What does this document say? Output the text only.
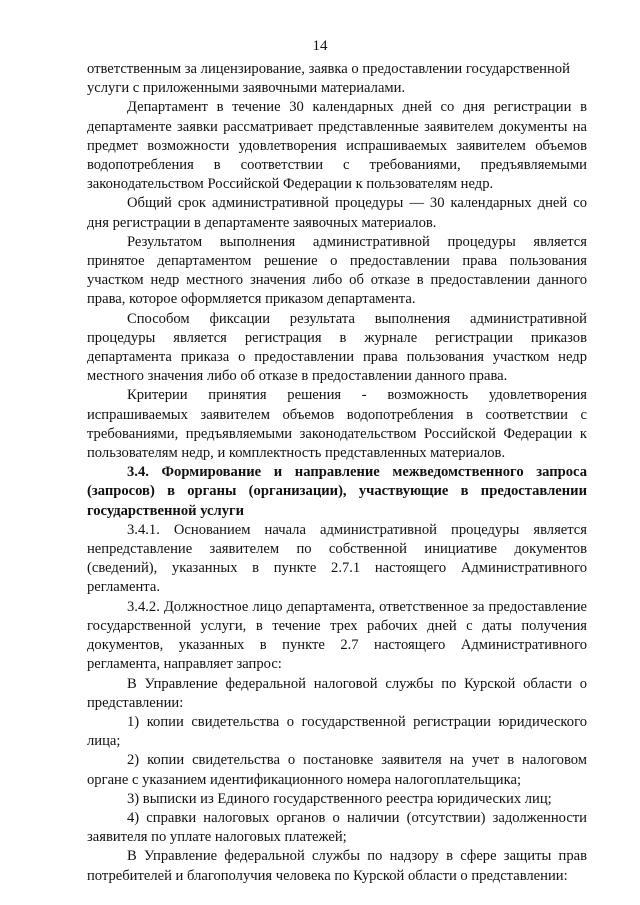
14

ответственным за лицензирование, заявка о предоставлении государственной услуги с приложенными заявочными материалами.

Департамент в течение 30 календарных дней со дня регистрации в департаменте заявки рассматривает представленные заявителем документы на предмет возможности удовлетворения испрашиваемых заявителем объемов водопотребления в соответствии с требованиями, предъявляемыми законодательством Российской Федерации к пользователям недр.

Общий срок административной процедуры — 30 календарных дней со дня регистрации в департаменте заявочных материалов.

Результатом выполнения административной процедуры является принятое департаментом решение о предоставлении права пользования участком недр местного значения либо об отказе в предоставлении данного права, которое оформляется приказом департамента.

Способом фиксации результата выполнения административной процедуры является регистрация в журнале регистрации приказов департамента приказа о предоставлении права пользования участком недр местного значения либо об отказе в предоставлении данного права.

Критерии принятия решения - возможность удовлетворения испрашиваемых заявителем объемов водопотребления в соответствии с требованиями, предъявляемыми законодательством Российской Федерации к пользователям недр, и комплектность представленных материалов.

3.4. Формирование и направление межведомственного запроса (запросов) в органы (организации), участвующие в предоставлении государственной услуги

3.4.1. Основанием начала административной процедуры является непредставление заявителем по собственной инициативе документов (сведений), указанных в пункте 2.7.1 настоящего Административного регламента.

3.4.2. Должностное лицо департамента, ответственное за предоставление государственной услуги, в течение трех рабочих дней с даты получения документов, указанных в пункте 2.7 настоящего Административного регламента, направляет запрос:

В Управление федеральной налоговой службы по Курской области о представлении:

1) копии свидетельства о государственной регистрации юридического лица;

2) копии свидетельства о постановке заявителя на учет в налоговом органе с указанием идентификационного номера налогоплательщика;

3) выписки из Единого государственного реестра юридических лиц;

4) справки налоговых органов о наличии (отсутствии) задолженности заявителя по уплате налоговых платежей;

В Управление федеральной службы по надзору в сфере защиты прав потребителей и благополучия человека по Курской области о представлении:
